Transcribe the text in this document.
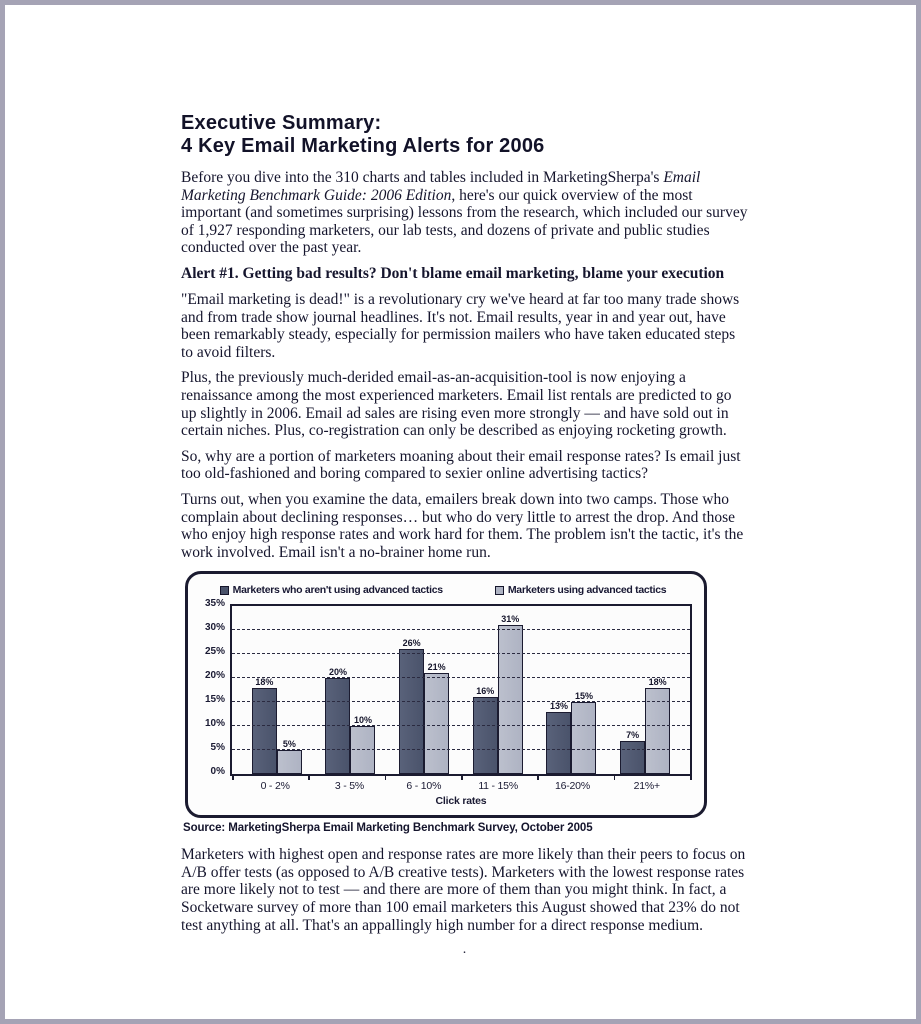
Executive Summary:
4 Key Email Marketing Alerts for 2006

Before you dive into the 310 charts and tables included in MarketingSherpa's Email Marketing Benchmark Guide: 2006 Edition, here's our quick overview of the most important (and sometimes surprising) lessons from the research, which included our survey of 1,927 responding marketers, our lab tests, and dozens of private and public studies conducted over the past year.

Alert #1. Getting bad results? Don't blame email marketing, blame your execution

"Email marketing is dead!" is a revolutionary cry we've heard at far too many trade shows and from trade show journal headlines. It's not. Email results, year in and year out, have been remarkably steady, especially for permission mailers who have taken educated steps to avoid filters.

Plus, the previously much-derided email-as-an-acquisition-tool is now enjoying a renaissance among the most experienced marketers. Email list rentals are predicted to go up slightly in 2006. Email ad sales are rising even more strongly — and have sold out in certain niches. Plus, co-registration can only be described as enjoying rocketing growth.

So, why are a portion of marketers moaning about their email response rates? Is email just too old-fashioned and boring compared to sexier online advertising tactics?

Turns out, when you examine the data, emailers break down into two camps. Those who complain about declining responses… but who do very little to arrest the drop. And those who enjoy high response rates and work hard for them. The problem isn't the tactic, it's the work involved. Email isn't a no-brainer home run.

Marketers who aren't using advanced tactics	Marketers using advanced tactics
35%
30%
25%
20%
15%
10%
5%
0%
18%
5%
20%
10%
26%
21%
16%
31%
13%
15%
7%
18%
0 - 2%	3 - 5%	6 - 10%	11 - 15%	16-20%	21%+
Click rates
Source: MarketingSherpa Email Marketing Benchmark Survey, October 2005

Marketers with highest open and response rates are more likely than their peers to focus on A/B offer tests (as opposed to A/B creative tests). Marketers with the lowest response rates are more likely not to test — and there are more of them than you might think. In fact, a Socketware survey of more than 100 email marketers this August showed that 23% do not test anything at all. That's an appallingly high number for a direct response medium.

.
